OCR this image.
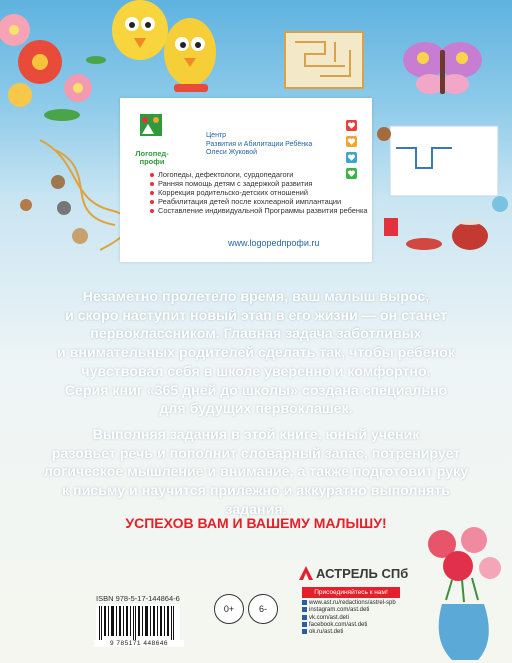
Логопед-профи
Центр
Развития и Абилитации Ребёнка
Олеси Жуковой
Логопеды, дефектологи, сурдопедагоги
Ранняя помощь детям с задержкой развития
Коррекция родительско-детских отношений
Реабилитация детей после кохлеарной имплантации
Составление индивидуальной Программы развития ребенка
www.logopedпрофи.ru
Незаметно пролетело время, ваш малыш вырос,
и скоро наступит новый этап в его жизни — он станет
первоклассником. Главная задача заботливых
и внимательных родителей сделать так, чтобы ребенок
чувствовал себя в школе уверенно и комфортно.
Серия книг «365 дней до школы» создана специально
для будущих первоклашек.
Выполняя задания в этой книге, юный ученик
разовьет речь и пополнит словарный запас, потренирует
логическое мышление и внимание, а также подготовит руку
к письму и научится прилежно и аккуратно выполнять задания.
УСПЕХОВ ВАМ И ВАШЕМУ МАЛЫШУ!
ISBN 978-5-17-144864-6
9 785171 448646
0+	6-
АСТРЕЛЬ СПб
Присоединяйтесь к нам!
www.ast.ru/redactions/astrel-spb
instagram.com/ast.deti
vk.com/ast.deti
facebook.com/ast.deti
ok.ru/ast.deti
